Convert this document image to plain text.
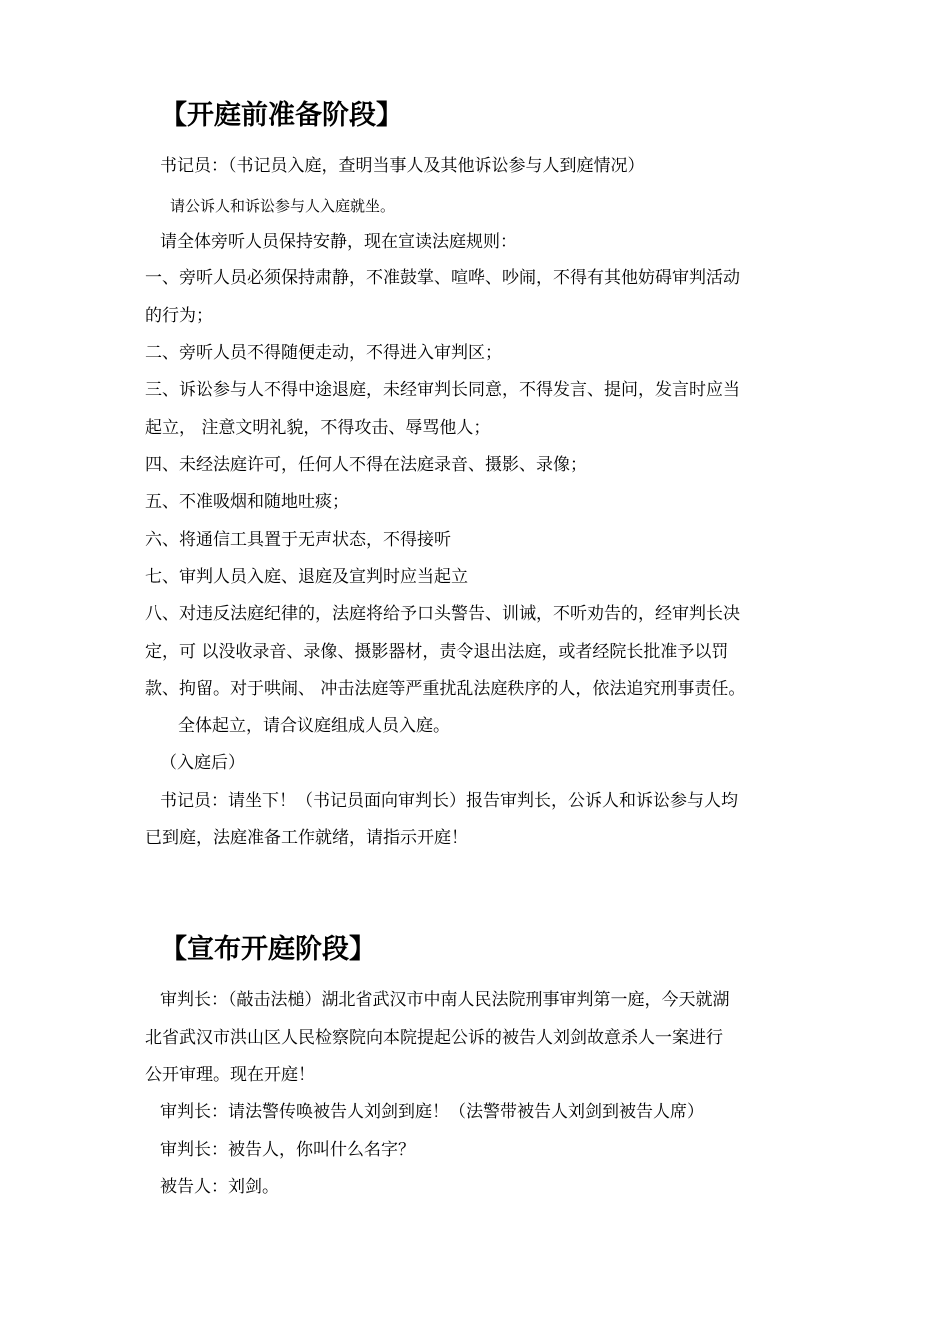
【开庭前准备阶段】

书记员：（书记员入庭，查明当事人及其他诉讼参与人到庭情况）

请公诉人和诉讼参与人入庭就坐。

请全体旁听人员保持安静，现在宣读法庭规则：

一、旁听人员必须保持肃静，不准鼓掌、喧哗、吵闹，不得有其他妨碍审判活动

的行为；

二、旁听人员不得随便走动，不得进入审判区；

三、诉讼参与人不得中途退庭，未经审判长同意，不得发言、提问，发言时应当

起立， 注意文明礼貌，不得攻击、辱骂他人；

四、未经法庭许可，任何人不得在法庭录音、摄影、录像；

五、不准吸烟和随地吐痰；

六、将通信工具置于无声状态，不得接听

七、审判人员入庭、退庭及宣判时应当起立

八、对违反法庭纪律的，法庭将给予口头警告、训诫，不听劝告的，经审判长决

定，可 以没收录音、录像、摄影器材，责令退出法庭，或者经院长批准予以罚

款、拘留。对于哄闹、 冲击法庭等严重扰乱法庭秩序的人，依法追究刑事责任。

全体起立，请合议庭组成人员入庭。

（入庭后）

书记员：请坐下！（书记员面向审判长）报告审判长，公诉人和诉讼参与人均

已到庭，法庭准备工作就绪，请指示开庭！

【宣布开庭阶段】

审判长：（敲击法槌）湖北省武汉市中南人民法院刑事审判第一庭，今天就湖

北省武汉市洪山区人民检察院向本院提起公诉的被告人刘剑故意杀人一案进行

公开审理。现在开庭！

审判长：请法警传唤被告人刘剑到庭！（法警带被告人刘剑到被告人席）

审判长：被告人，你叫什么名字？

被告人：刘剑。
